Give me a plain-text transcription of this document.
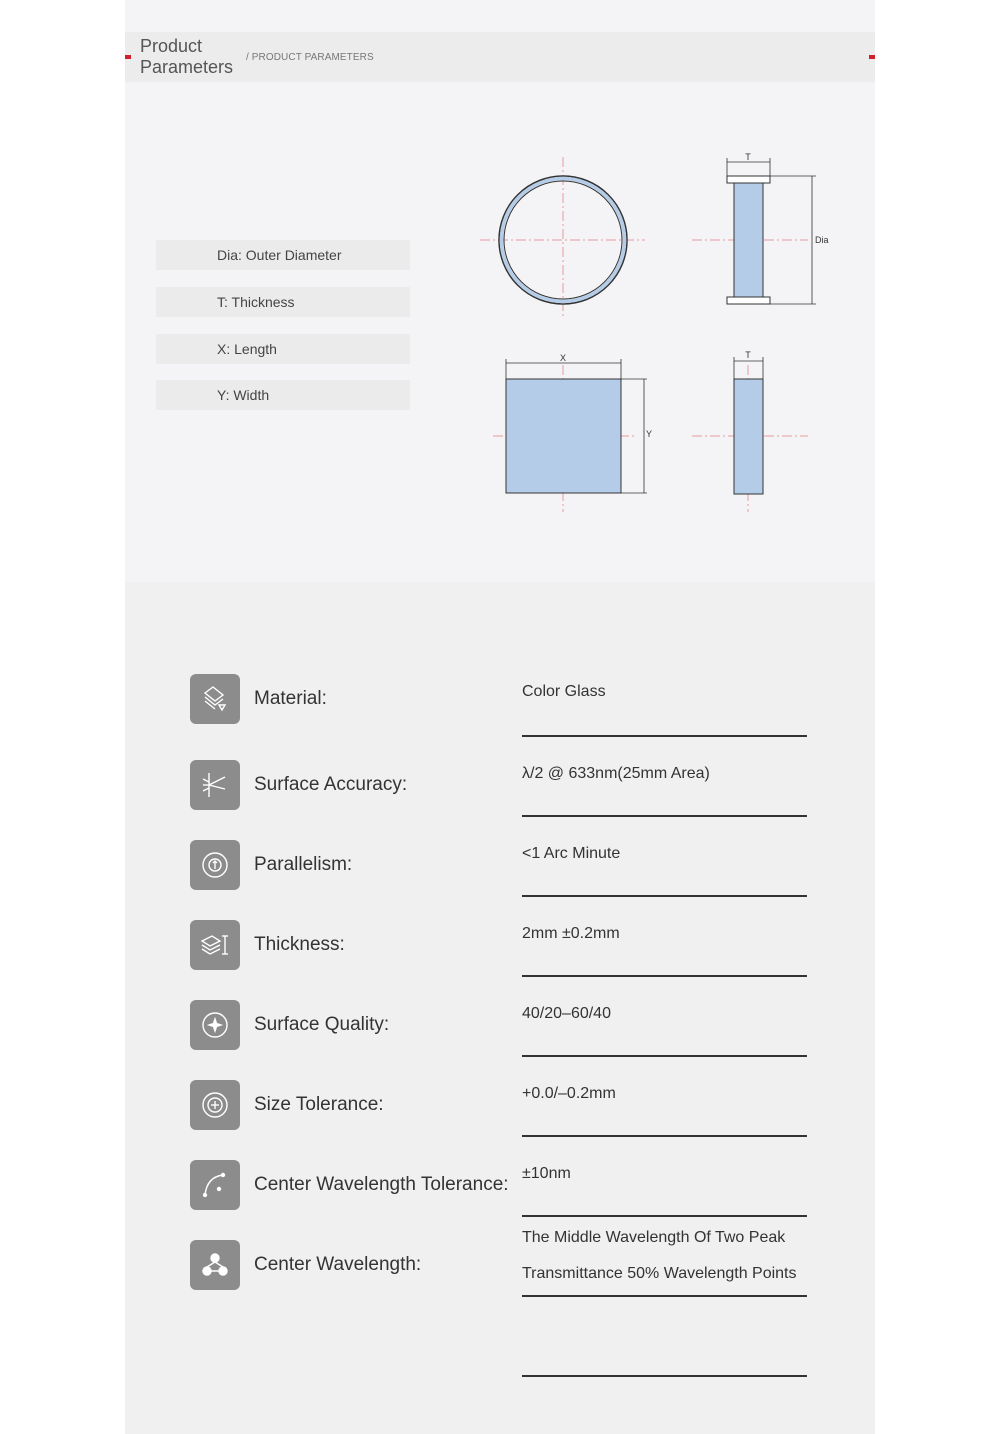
Product Parameters	/ PRODUCT PARAMETERS
Dia: Outer Diameter
T: Thickness
X: Length
Y: Width
T
Dia
X
Y
T
Material:	Color Glass
Surface Accuracy:
λ/2 @ 633nm(25mm Area)
Parallelism:
<1 Arc Minute
Thickness:
2mm ±0.2mm
Surface Quality:
40/20–60/40
Size Tolerance:
+0.0/–0.2mm
Center Wavelength Tolerance:
±10nm
Center Wavelength:
The Middle Wavelength Of Two Peak
Transmittance 50% Wavelength Points
